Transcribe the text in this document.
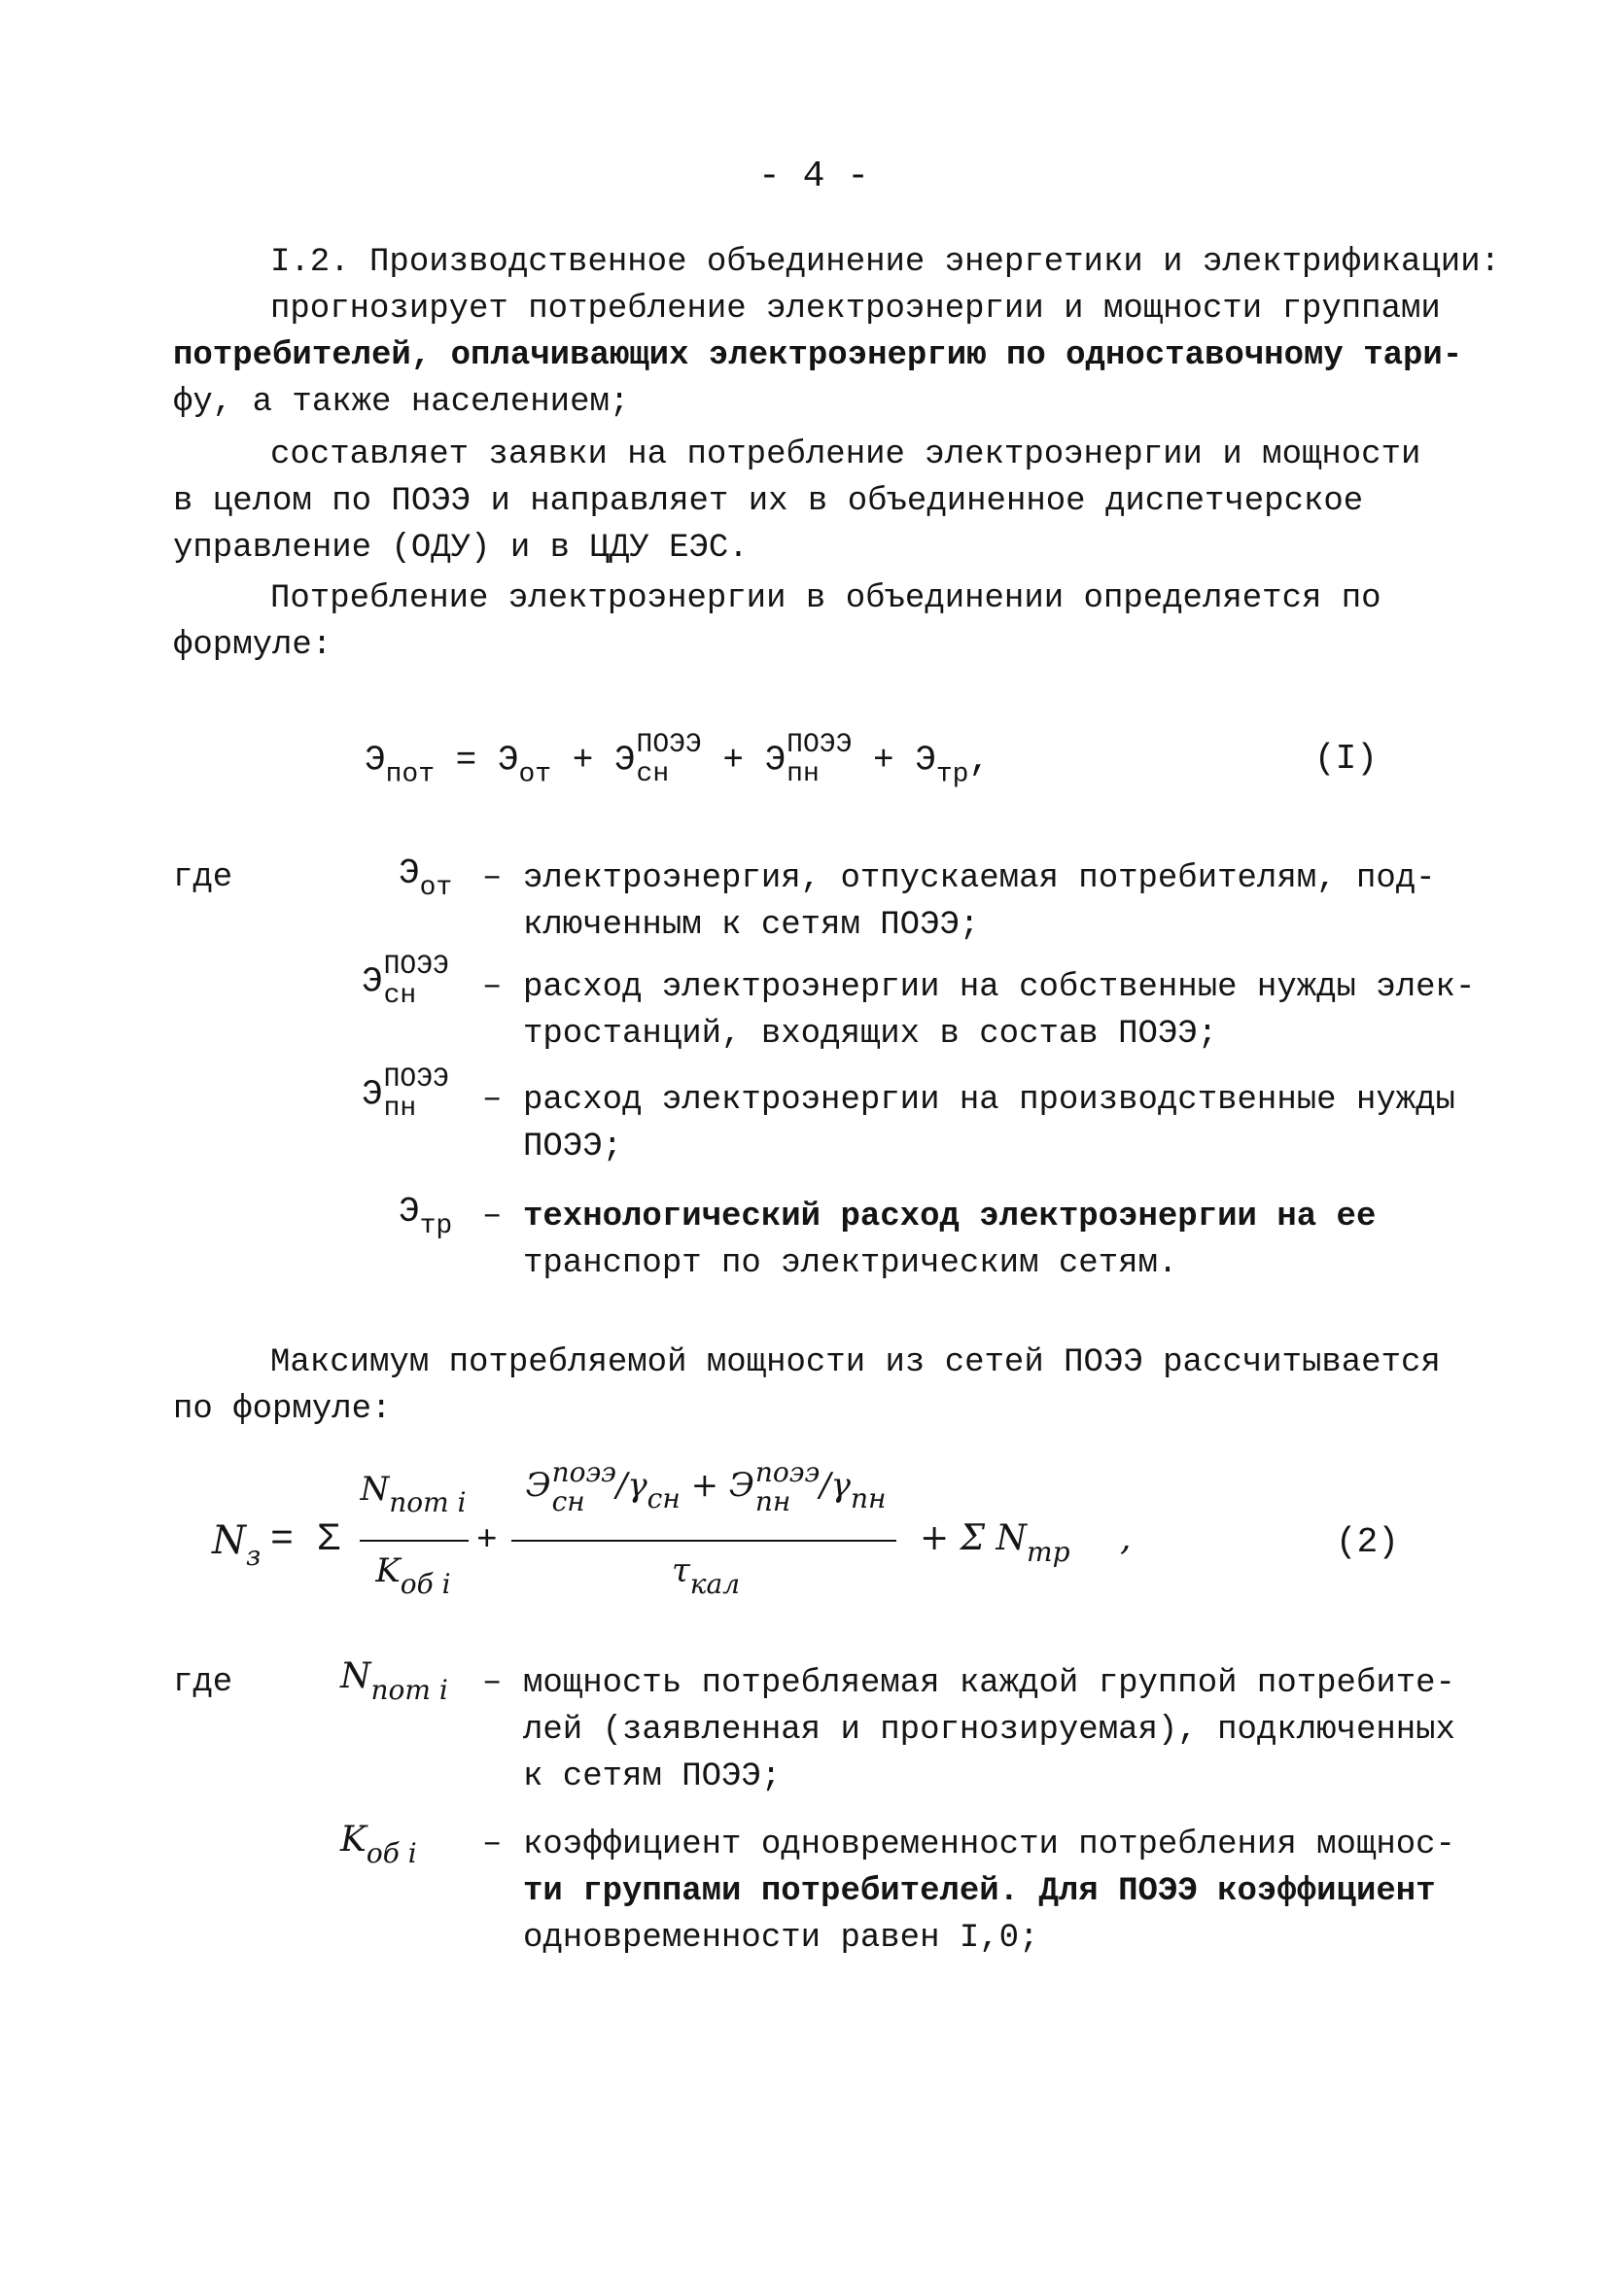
- 4 -
I.2. Производственное объединение энергетики и электрификации:
прогнозирует потребление электроэнергии и мощности группами
потребителей, оплачивающих электроэнергию по одноставочному тари-
фу, а также населением;
составляет заявки на потребление электроэнергии и мощности
в целом по ПОЭЭ и направляет их в объединенное диспетчерское
управление (ОДУ) и в ЦДУ ЕЭС.
Потребление электроэнергии в объединении определяется по
формуле:
$Э_{пот} = Э_{от} + Э$ ПОЭЭ
сн	+ Э ПОЭЭ
пн	+ $Э_{тр}$,	(I)
где	$Э_{от}$ – электроэнергия, отпускаемая потребителям, под-
ключенным к сетям ПОЭЭ;
Э ПОЭЭ
сн	– расход электроэнергии на собственные нужды элек-
тростанций, входящих в состав ПОЭЭ;
Э ПОЭЭ
пн	– расход электроэнергии на производственные нужды
ПОЭЭ;
$Э_{тр}$ – технологический расход электроэнергии на ее
транспорт по электрическим сетям.
Максимум потребляемой мощности из сетей ПОЭЭ рассчитывается
по формуле:
$N_з = \Sigma$
$N_{пот i}$
$K_{об i}$
+
Э поээ
сн $/\gamma_{сн} + Э$ поээ
пн $/\gamma_{пн}$
$\tau_{кал}$
+ Σ $N_{тр}$ ,	(2)
где	$N_{пот i}$ – мощность потребляемая каждой группой потребите-
лей (заявленная и прогнозируемая), подключенных
к сетям ПОЭЭ;
$K_{об i}$ – коэффициент одновременности потребления мощнос-
ти группами потребителей. Для ПОЭЭ коэффициент
одновременности равен I,0;
